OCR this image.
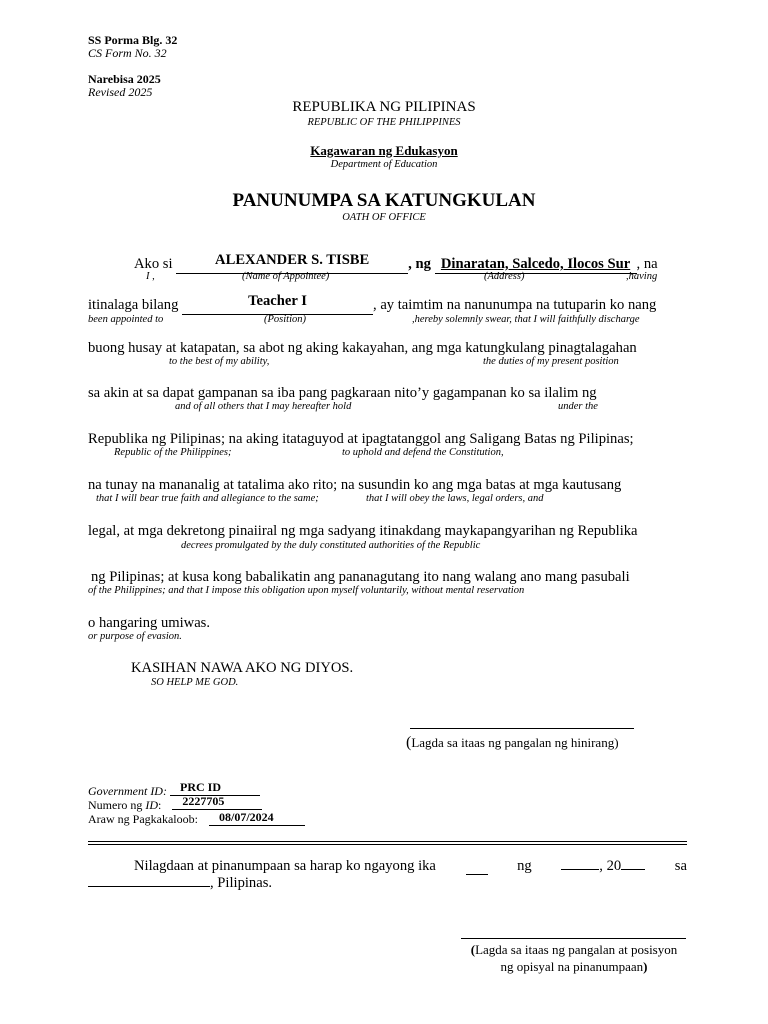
SS Porma Blg. 32
CS Form No. 32
Narebisa 2025
Revised 2025
REPUBLIKA NG PILIPINAS
REPUBLIC OF THE PHILIPPINES
Kagawaran ng Edukasyon
Department of Education
PANUNUMPA SA KATUNGKULAN
OATH OF OFFICE
Ako si	ALEXANDER S. TISBE	, ng Dinaratan, Salcedo, Ilocos Sur , na
I ,	(Name of Appointee)	(Address)	,having
itinalaga bilang	Teacher I	, ay taimtim na nanunumpa na tutuparin ko nang
been appointed to	(Position)	,hereby solemnly swear, that I will faithfully discharge
buong husay at katapatan, sa abot ng aking kakayahan, ang mga katungkulang pinagtalagahan
to the best of my ability,	the duties of my present position
sa akin at sa dapat gampanan sa iba pang pagkaraan nito’y gagampanan ko sa ilalim ng
and of all others that I may hereafter hold	under the
Republika ng Pilipinas; na aking itataguyod at ipagtatanggol ang Saligang Batas ng Pilipinas;
Republic of the Philippines;	to uphold and defend the Constitution,
na tunay na mananalig at tatalima ako rito; na susundin ko ang mga batas at mga kautusang
that I will bear true faith and allegiance to the same;	that I will obey the laws, legal orders, and
legal, at mga dekretong pinaiiral ng mga sadyang itinakdang maykapangyarihan ng Republika
decrees promulgated by the duly constituted authorities of the Republic
ng Pilipinas; at kusa kong babalikatin ang pananagutang ito nang walang ano mang pasubali
of the Philippines; and that I impose this obligation upon myself voluntarily, without mental reservation
o hangaring umiwas.
or purpose of evasion.
KASIHAN NAWA AKO NG DIYOS.
SO HELP ME GOD.
(Lagda sa itaas ng pangalan ng hinirang)
Government ID: PRC ID
Numero ng ID: 2227705
Araw ng Pagkakaloob: 08/07/2024
Nilagdaan at pinanumpaan sa harap ko ngayong ika	ng	, 20	sa
, Pilipinas.
(Lagda sa itaas ng pangalan at posisyon
ng opisyal na pinanumpaan)
